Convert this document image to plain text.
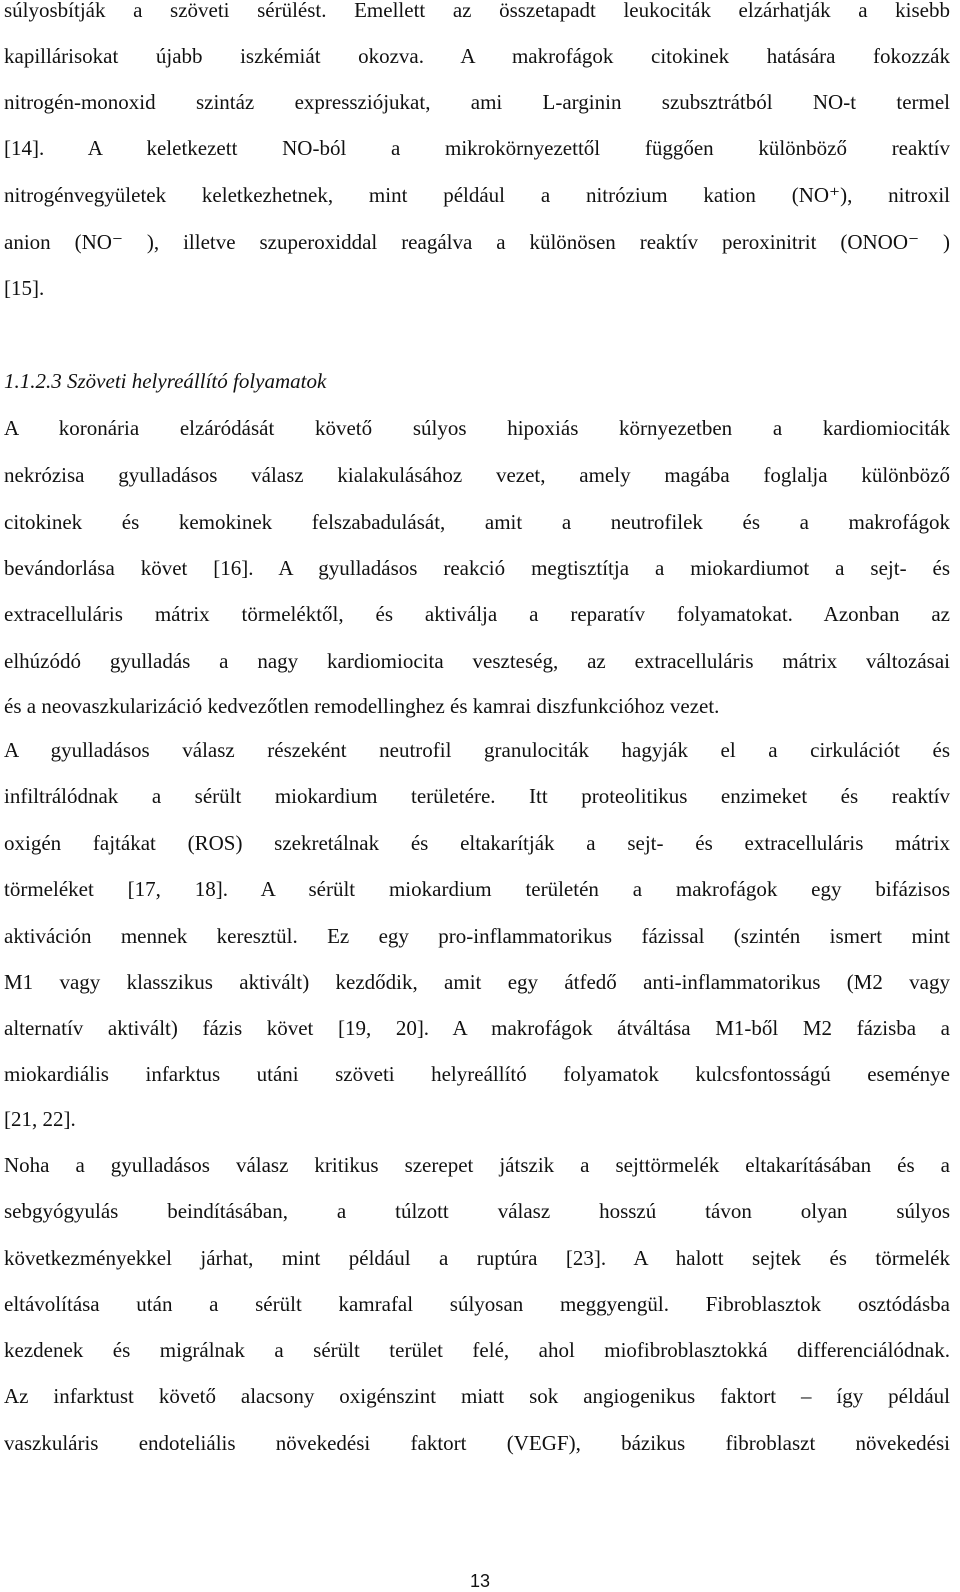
súlyosbítják a szöveti sérülést. Emellett az összetapadt leukociták elzárhatják a kisebb
kapillárisokat újabb iszkémiát okozva. A makrofágok citokinek hatására fokozzák
nitrogén-monoxid szintáz expressziójukat, ami L-arginin szubsztrátból NO-t termel
[14]. A keletkezett NO-ból a mikrokörnyezettől függően különböző reaktív
nitrogénvegyületek keletkezhetnek, mint például a nitrózium kation (NO⁺), nitroxil
anion (NO⁻ ), illetve szuperoxiddal reagálva a különösen reaktív peroxinitrit (ONOO⁻ )
[15].
1.1.2.3 Szöveti helyreállító folyamatok
A koronária elzáródását követő súlyos hipoxiás környezetben a kardiomiociták
nekrózisa gyulladásos válasz kialakulásához vezet, amely magába foglalja különböző
citokinek és kemokinek felszabadulását, amit a neutrofilek és a makrofágok
bevándorlása követ [16]. A gyulladásos reakció megtisztítja a miokardiumot a sejt- és
extracelluláris mátrix törmeléktől, és aktiválja a reparatív folyamatokat. Azonban az
elhúzódó gyulladás a nagy kardiomiocita veszteség, az extracelluláris mátrix változásai
és a neovaszkularizáció kedvezőtlen remodellinghez és kamrai diszfunkcióhoz vezet.
A gyulladásos válasz részeként neutrofil granulociták hagyják el a cirkulációt és
infiltrálódnak a sérült miokardium területére. Itt proteolitikus enzimeket és reaktív
oxigén fajtákat (ROS) szekretálnak és eltakarítják a sejt- és extracelluláris mátrix
törmeléket [17, 18]. A sérült miokardium területén a makrofágok egy bifázisos
aktiváción mennek keresztül. Ez egy pro-inflammatorikus fázissal (szintén ismert mint
M1 vagy klasszikus aktivált) kezdődik, amit egy átfedő anti-inflammatorikus (M2 vagy
alternatív aktivált) fázis követ [19, 20]. A makrofágok átváltása M1-ből M2 fázisba a
miokardiális infarktus utáni szöveti helyreállító folyamatok kulcsfontosságú eseménye
[21, 22].
Noha a gyulladásos válasz kritikus szerepet játszik a sejttörmelék eltakarításában és a
sebgyógyulás beindításában, a túlzott válasz hosszú távon olyan súlyos
következményekkel járhat, mint például a ruptúra [23]. A halott sejtek és törmelék
eltávolítása után a sérült kamrafal súlyosan meggyengül. Fibroblasztok osztódásba
kezdenek és migrálnak a sérült terület felé, ahol miofibroblasztokká differenciálódnak.
Az infarktust követő alacsony oxigénszint miatt sok angiogenikus faktort – így például
vaszkuláris endoteliális növekedési faktort (VEGF), bázikus fibroblaszt növekedési
13
